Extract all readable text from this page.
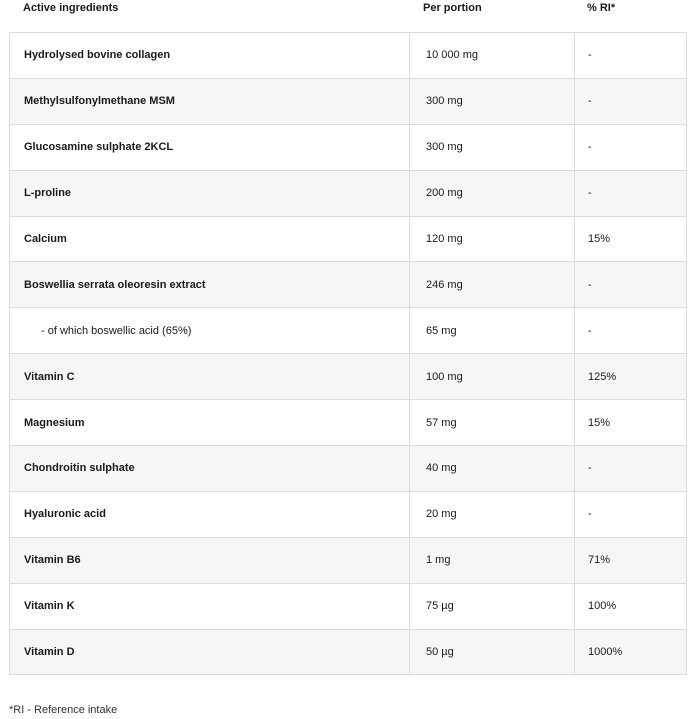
Active ingredients	Per portion	% RI*
Hydrolysed bovine collagen	10 000 mg	-
Methylsulfonylmethane MSM	300 mg	-
Glucosamine sulphate 2KCL	300 mg	-
L-proline	200 mg	-
Calcium	120 mg	15%
Boswellia serrata oleoresin extract	246 mg	-
- of which boswellic acid (65%)	65 mg	-
Vitamin C	100 mg	125%
Magnesium	57 mg	15%
Chondroitin sulphate	40 mg	-
Hyaluronic acid	20 mg	-
Vitamin B6	1 mg	71%
Vitamin K	75 µg	100%
Vitamin D	50 µg	1000%
*RI - Reference intake
